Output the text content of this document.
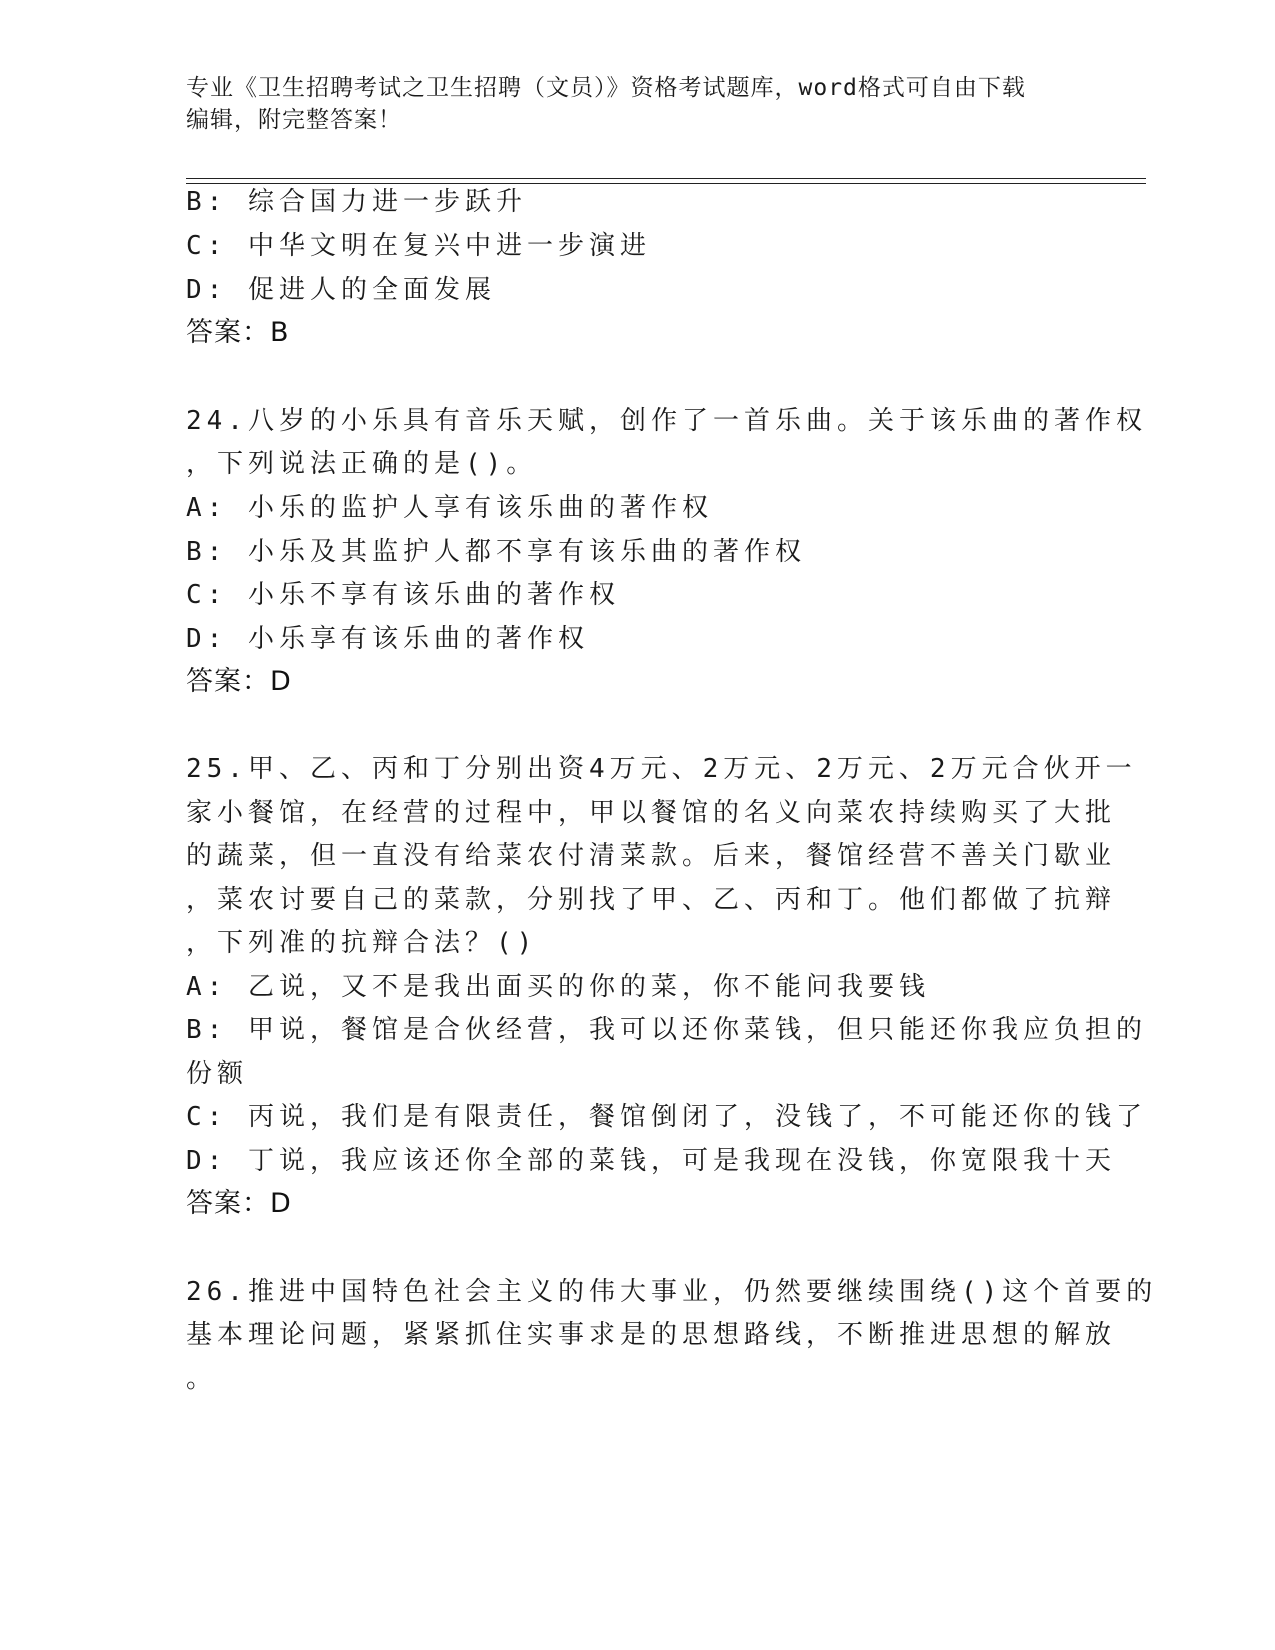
专业《卫生招聘考试之卫生招聘（文员）》资格考试题库，word格式可自由下载
编辑，附完整答案！
B: 综合国力进一步跃升
C: 中华文明在复兴中进一步演进
D: 促进人的全面发展
答案：B
24.八岁的小乐具有音乐天赋，创作了一首乐曲。关于该乐曲的著作权
，下列说法正确的是()。
A: 小乐的监护人享有该乐曲的著作权
B: 小乐及其监护人都不享有该乐曲的著作权
C: 小乐不享有该乐曲的著作权
D: 小乐享有该乐曲的著作权
答案：D
25.甲、乙、丙和丁分别出资4万元、2万元、2万元、2万元合伙开一
家小餐馆，在经营的过程中，甲以餐馆的名义向菜农持续购买了大批
的蔬菜，但一直没有给菜农付清菜款。后来，餐馆经营不善关门歇业
，菜农讨要自己的菜款，分别找了甲、乙、丙和丁。他们都做了抗辩
，下列准的抗辩合法？()
A: 乙说，又不是我出面买的你的菜，你不能问我要钱
B: 甲说，餐馆是合伙经营，我可以还你菜钱，但只能还你我应负担的
份额
C: 丙说，我们是有限责任，餐馆倒闭了，没钱了，不可能还你的钱了
D: 丁说，我应该还你全部的菜钱，可是我现在没钱，你宽限我十天
答案：D
26.推进中国特色社会主义的伟大事业，仍然要继续围绕()这个首要的
基本理论问题，紧紧抓住实事求是的思想路线，不断推进思想的解放
。
